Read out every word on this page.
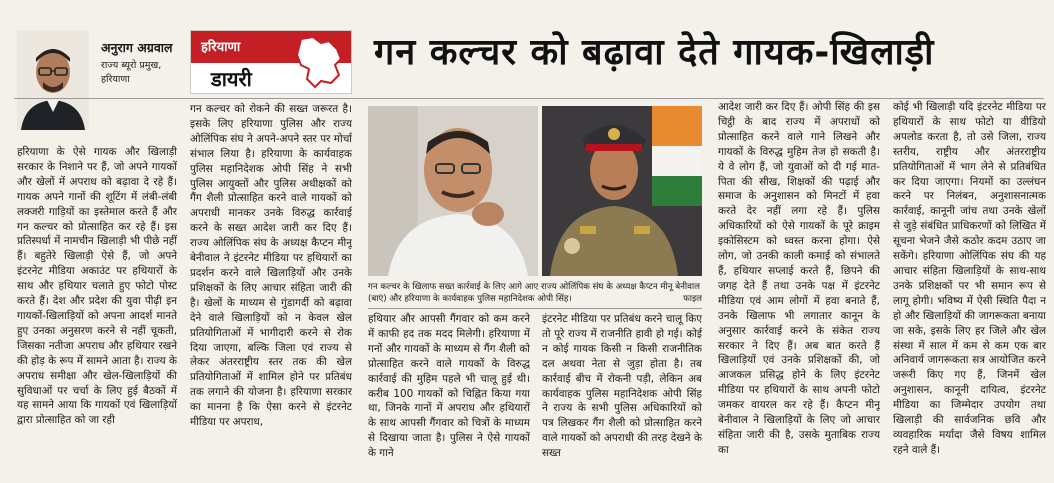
अनुराग अग्रवाल
राज्य ब्यूरो प्रमुख,
हरियाणा
हरियाणा
डायरी
गन कल्चर को बढ़ावा देते गायक-खिलाड़ी

हरियाणा के ऐसे गायक और खिलाड़ी सरकार के निशाने पर हैं, जो अपने गायकों और खेलों में अपराध को बढ़ावा दे रहे हैं। गायक अपने गानों की शूटिंग में लंबी-लंबी लक्जरी गाड़ियों का इस्तेमाल करते हैं और गन कल्चर को प्रोत्साहित कर रहे हैं। इस प्रतिस्पर्धा में नामचीन खिलाड़ी भी पीछे नहीं हैं। बहुतेरे खिलाड़ी ऐसे हैं, जो अपने इंटरनेट मीडिया अकाउंट पर हथियारों के साथ और हथियार चलाते हुए फोटो पोस्ट करते हैं। देश और प्रदेश की युवा पीढ़ी इन गायकों-खिलाड़ियों को अपना आदर्श मानते हुए उनका अनुसरण करने से नहीं चूकती, जिसका नतीजा अपराध और हथियार रखने की होड़ के रूप में सामने आता है। राज्य के अपराध समीक्षा और खेल-खिलाड़ियों की सुविधाओं पर चर्चा के लिए हुई बैठकों में यह सामने आया कि गायकों एवं खिलाड़ियों द्वारा प्रोत्साहित को जा रही

गन कल्चर को रोकने की सख्त जरूरत है। इसके लिए हरियाणा पुलिस और राज्य ओलिंपिक संघ ने अपने-अपने स्तर पर मोर्चा संभाल लिया है। हरियाणा के कार्यवाहक पुलिस महानिदेशक ओपी सिंह ने सभी पुलिस आयुक्तों और पुलिस अधीक्षकों को गैंग शैली प्रोत्साहित करने वाले गायकों को अपराधी मानकर उनके विरुद्ध कार्रवाई करने के सख्त आदेश जारी कर दिए हैं। राज्य ओलिंपिक संघ के अध्यक्ष कैप्टन मीनू बेनीवाल ने इंटरनेट मीडिया पर हथियारों का प्रदर्शन करने वाले खिलाड़ियों और उनके प्रशिक्षकों के लिए आचार संहिता जारी की है। खेलों के माध्यम से गुंडागर्दी को बढ़ावा देने वाले खिलाड़ियों को न केवल खेल प्रतियोगिताओं में भागीदारी करने से रोक दिया जाएगा, बल्कि जिला एवं राज्य से लेकर अंतरराष्ट्रीय स्तर तक की खेल प्रतियोगिताओं में शामिल होने पर प्रतिबंध तक लगाने की योजना है। हरियाणा सरकार का मानना है कि ऐसा करने से इंटरनेट मीडिया पर अपराध,

गन कल्चर के खिलाफ सख्त कार्रवाई के लिए आगे आए राज्य ओलिंपिक संघ के अध्यक्ष कैप्टन मीनू बेनीवाल (बाएं) और हरियाणा के कार्यवाहक पुलिस महानिदेशक ओपी सिंह।	फाइल

हथियार और आपसी गैंगवार को कम करने में काफी हद तक मदद मिलेगी। हरियाणा में गनों और गायकों के माध्यम से गैंग शैली को प्रोत्साहित करने वाले गायकों के विरुद्ध कार्रवाई की मुहिम पहले भी चालू हुई थी। करीब 100 गायकों को चिह्नित किया गया था, जिनके गानों में अपराध और हथियारों के साथ आपसी गैंगवार को चित्रों के माध्यम से दिखाया जाता है। पुलिस ने ऐसे गायकों के गाने

इंटरनेट मीडिया पर प्रतिबंध करने चालू किए तो पूरे राज्य में राजनीति हावी हो गई। कोई न कोई गायक किसी न किसी राजनीतिक दल अथवा नेता से जुड़ा होता है। तब कार्रवाई बीच में रोकनी पड़ी, लेकिन अब कार्यवाहक पुलिस महानिदेशक ओपी सिंह ने राज्य के सभी पुलिस अधिकारियों को पत्र लिखकर गैंग शैली को प्रोत्साहित करने वाले गायकों को अपराधी की तरह देखने के सख्त

आदेश जारी कर दिए हैं। ओपी सिंह की इस चिट्ठी के बाद राज्य में अपराधों को प्रोत्साहित करने वाले गाने लिखने और गायकों के विरुद्ध मुहिम तेज हो सकती है। ये वे लोग हैं, जो युवाओं को दी गई मात-पिता की सीख, शिक्षकों की पढ़ाई और समाज के अनुशासन को मिनटों में हवा करते देर नहीं लगा रहे हैं। पुलिस अधिकारियों को ऐसे गायकों के पूरे क्राइम इकोसिस्टम को ध्वस्त करना होगा। ऐसे लोग, जो उनकी काली कमाई को संभालते हैं, हथियार सप्लाई करते हैं, छिपने की जगह देते हैं तथा उनके पक्ष में इंटरनेट मीडिया एवं आम लोगों में हवा बनाते हैं, उनके खिलाफ भी लगातार कानून के अनुसार कार्रवाई करने के संकेत राज्य सरकार ने दिए हैं। अब बात करते हैं खिलाड़ियों एवं उनके प्रशिक्षकों की, जो आजकल प्रसिद्ध होने के लिए इंटरनेट मीडिया पर हथियारों के साथ अपनी फोटो जमकर वायरल कर रहे हैं। कैप्टन मीनू बेनीवाल ने खिलाड़ियों के लिए जो आचार संहिता जारी की है, उसके मुताबिक राज्य का

कोई भी खिलाड़ी यदि इंटरनेट मीडिया पर हथियारों के साथ फोटो या वीडियो अपलोड करता है, तो उसे जिला, राज्य स्तरीय, राष्ट्रीय और अंतरराष्ट्रीय प्रतियोगिताओं में भाग लेने से प्रतिबंधित कर दिया जाएगा। नियमों का उल्लंघन करने पर निलंबन, अनुशासनात्मक कार्रवाई, कानूनी जांच तथा उनके खेलों से जुड़े संबंधित प्राधिकरणों को लिखित में सूचना भेजने जैसे कठोर कदम उठाए जा सकेंगे। हरियाणा ओलिंपिक संघ की यह आचार संहिता खिलाड़ियों के साथ-साथ उनके प्रशिक्षकों पर भी समान रूप से लागू होगी। भविष्य में ऐसी स्थिति पैदा न हो और खिलाड़ियों की जागरूकता बनाया जा सके, इसके लिए हर जिले और खेल संस्था में साल में कम से कम एक बार अनिवार्य जागरूकता सत्र आयोजित करने जरूरी किए गए हैं, जिनमें खेल अनुशासन, कानूनी दायित्व, इंटरनेट मीडिया का जिम्मेदार उपयोग तथा खिलाड़ी की सार्वजनिक छवि और व्यवहारिक मर्यादा जैसे विषय शामिल रहने वाले हैं।
